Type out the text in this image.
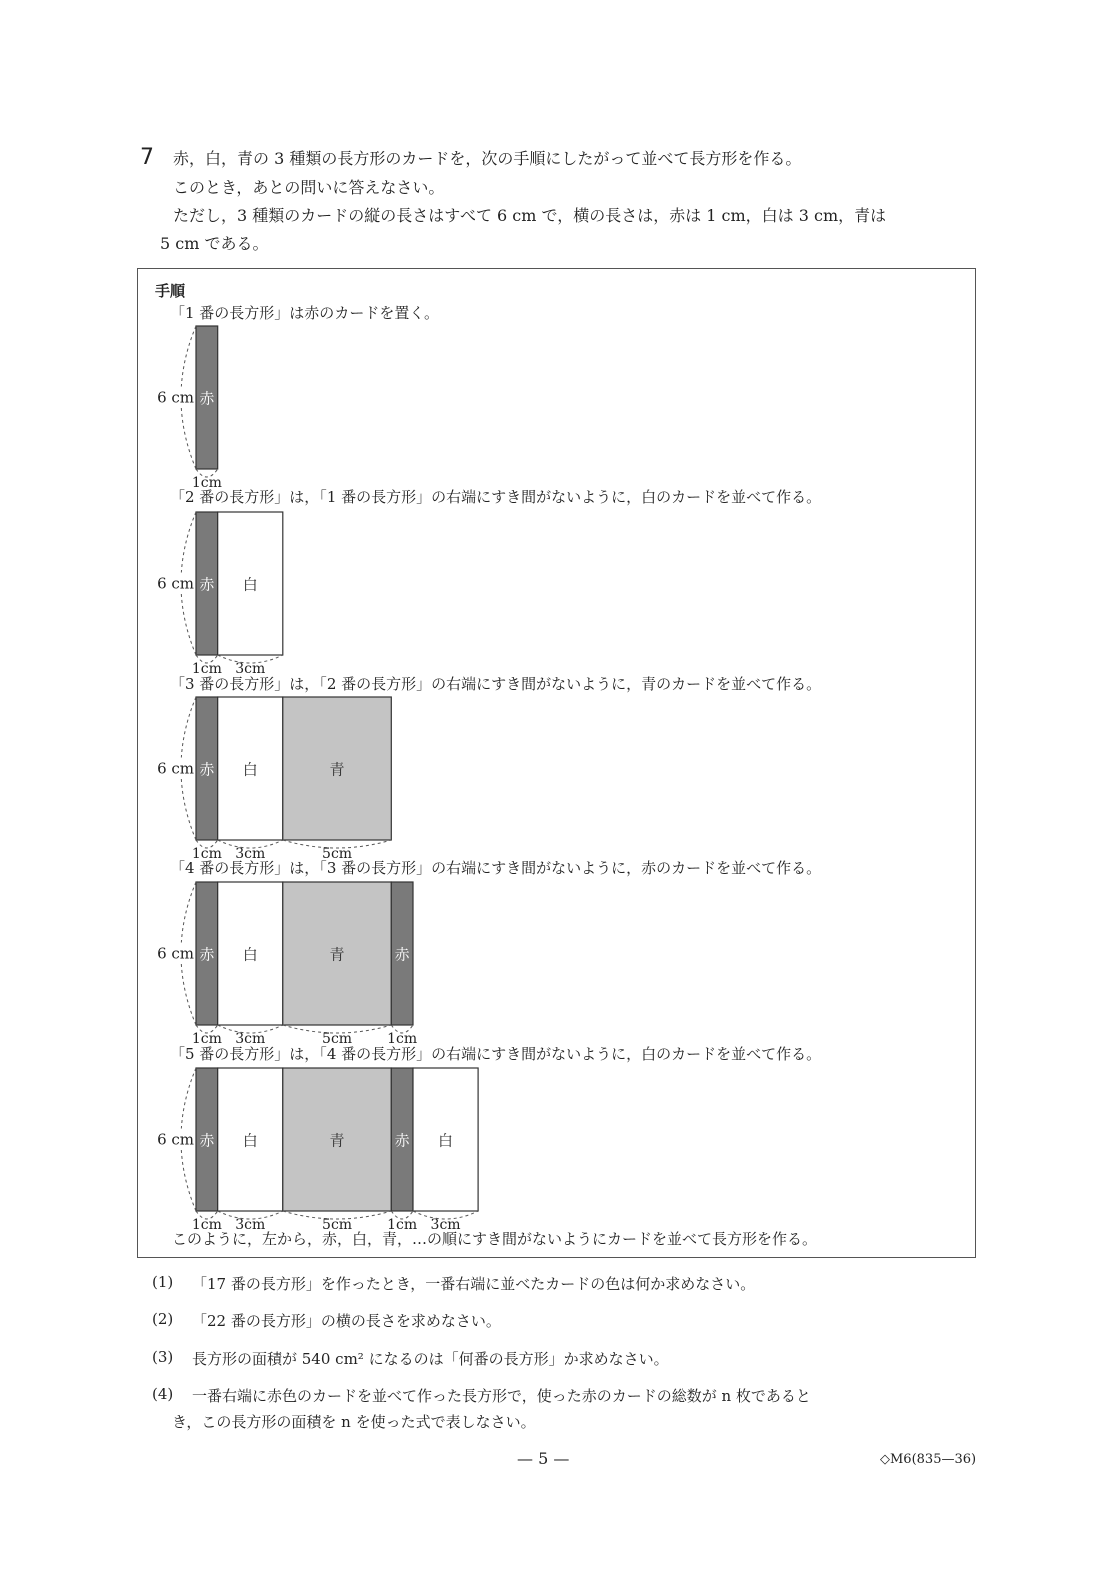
7 赤，白，青の 3 種類の長方形のカードを，次の手順にしたがって並べて長方形を作る。
このとき，あとの問いに答えなさい。
ただし，3 種類のカードの縦の長さはすべて 6 cm で，横の長さは，赤は 1 cm，白は 3 cm，青は
5 cm である。
手順
「1 番の長方形」は赤のカードを置く。
「2 番の長方形」は，「1 番の長方形」の右端にすき間がないように，白のカードを並べて作る。
「3 番の長方形」は，「2 番の長方形」の右端にすき間がないように，青のカードを並べて作る。
「4 番の長方形」は，「3 番の長方形」の右端にすき間がないように，赤のカードを並べて作る。
「5 番の長方形」は，「4 番の長方形」の右端にすき間がないように，白のカードを並べて作る。
このように，左から，赤，白，青，…の順にすき間がないようにカードを並べて長方形を作る。
赤
1cm
6 cm
赤
1cm
白
3cm
6 cm
赤
1cm
白
3cm
青
5cm
6 cm
赤
1cm
白
3cm
青
5cm
赤
1cm
6 cm
赤
1cm
白
3cm
青
5cm
赤
1cm
白
3cm
6 cm
(1) 「17 番の長方形」を作ったとき，一番右端に並べたカードの色は何か求めなさい。
(2) 「22 番の長方形」の横の長さを求めなさい。
(3) 長方形の面積が 540 cm² になるのは「何番の長方形」か求めなさい。
(4) 一番右端に赤色のカードを並べて作った長方形で，使った赤のカードの総数が n 枚であると
き，この長方形の面積を n を使った式で表しなさい。
— 5 —	◇M6(835—36)
